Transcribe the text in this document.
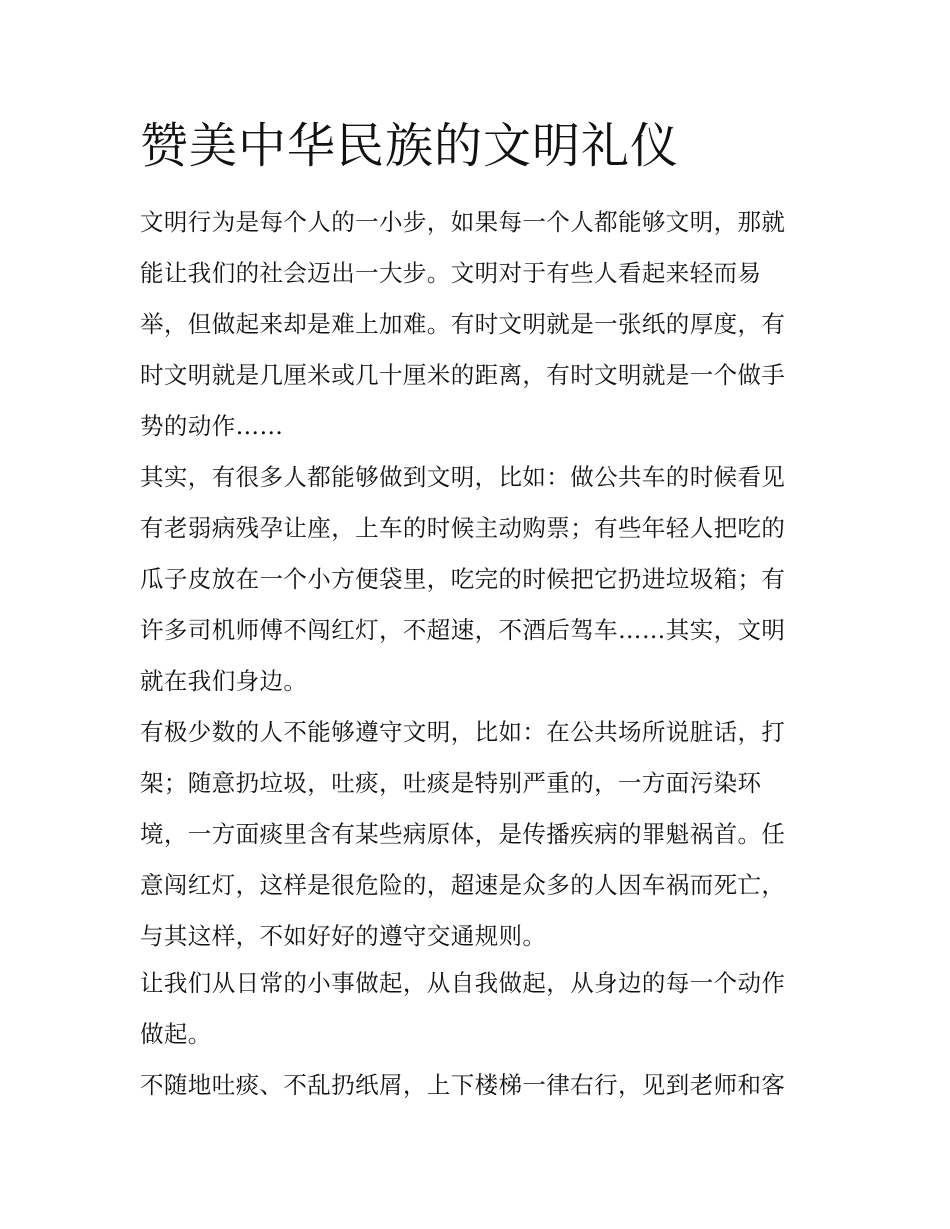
赞美中华民族的文明礼仪

文明行为是每个人的一小步，如果每一个人都能够文明，那就

能让我们的社会迈出一大步。文明对于有些人看起来轻而易

举，但做起来却是难上加难。有时文明就是一张纸的厚度，有

时文明就是几厘米或几十厘米的距离，有时文明就是一个做手

势的动作……

其实，有很多人都能够做到文明，比如：做公共车的时候看见

有老弱病残孕让座，上车的时候主动购票；有些年轻人把吃的

瓜子皮放在一个小方便袋里，吃完的时候把它扔进垃圾箱；有

许多司机师傅不闯红灯，不超速，不酒后驾车……其实，文明

就在我们身边。

有极少数的人不能够遵守文明，比如：在公共场所说脏话，打

架；随意扔垃圾，吐痰，吐痰是特别严重的，一方面污染环

境，一方面痰里含有某些病原体，是传播疾病的罪魁祸首。任

意闯红灯，这样是很危险的，超速是众多的人因车祸而死亡，

与其这样，不如好好的遵守交通规则。

让我们从日常的小事做起，从自我做起，从身边的每一个动作

做起。

不随地吐痰、不乱扔纸屑，上下楼梯一律右行，见到老师和客
